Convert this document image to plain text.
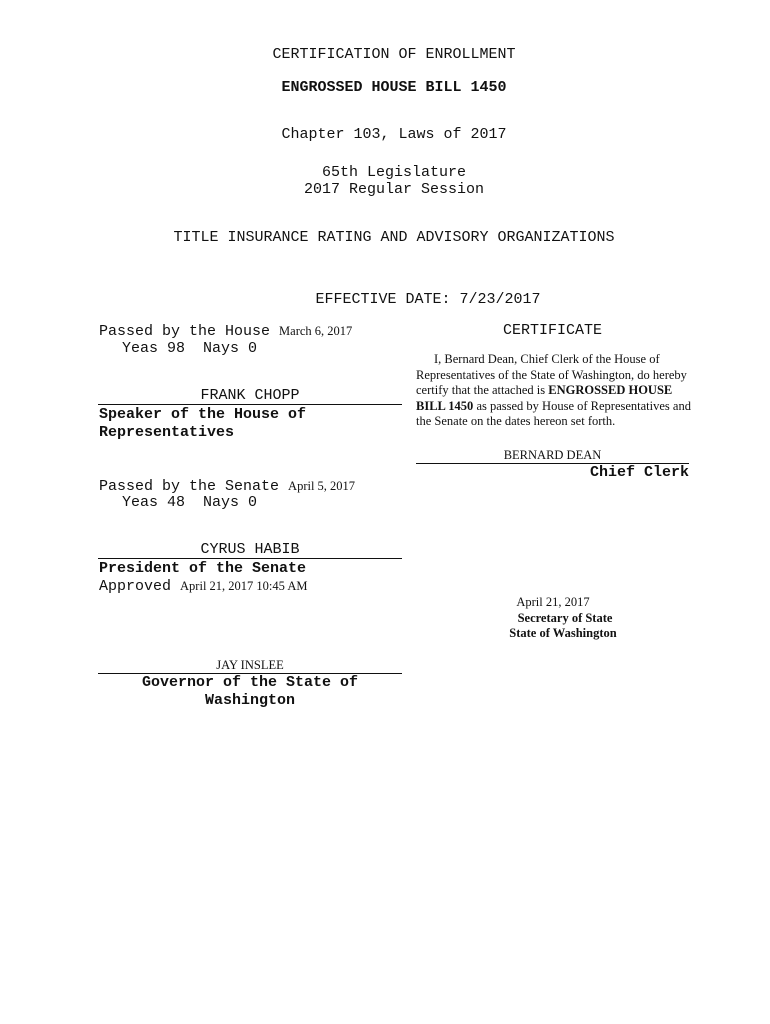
CERTIFICATION OF ENROLLMENT
ENGROSSED HOUSE BILL 1450
Chapter 103, Laws of 2017
65th Legislature
2017 Regular Session
TITLE INSURANCE RATING AND ADVISORY ORGANIZATIONS
EFFECTIVE DATE: 7/23/2017
Passed by the House March 6, 2017
Yeas 98  Nays 0
FRANK CHOPP
Speaker of the House of
Representatives
Passed by the Senate April 5, 2017
Yeas 48  Nays 0
CYRUS HABIB
President of the Senate
Approved April 21, 2017 10:45 AM
JAY INSLEE
Governor of the State of
Washington
CERTIFICATE
I, Bernard Dean, Chief Clerk of the House of Representatives of the State of Washington, do hereby certify that the attached is ENGROSSED HOUSE BILL 1450 as passed by House of Representatives and the Senate on the dates hereon set forth.
BERNARD DEAN
Chief Clerk
April 21, 2017
Secretary of State
State of Washington
